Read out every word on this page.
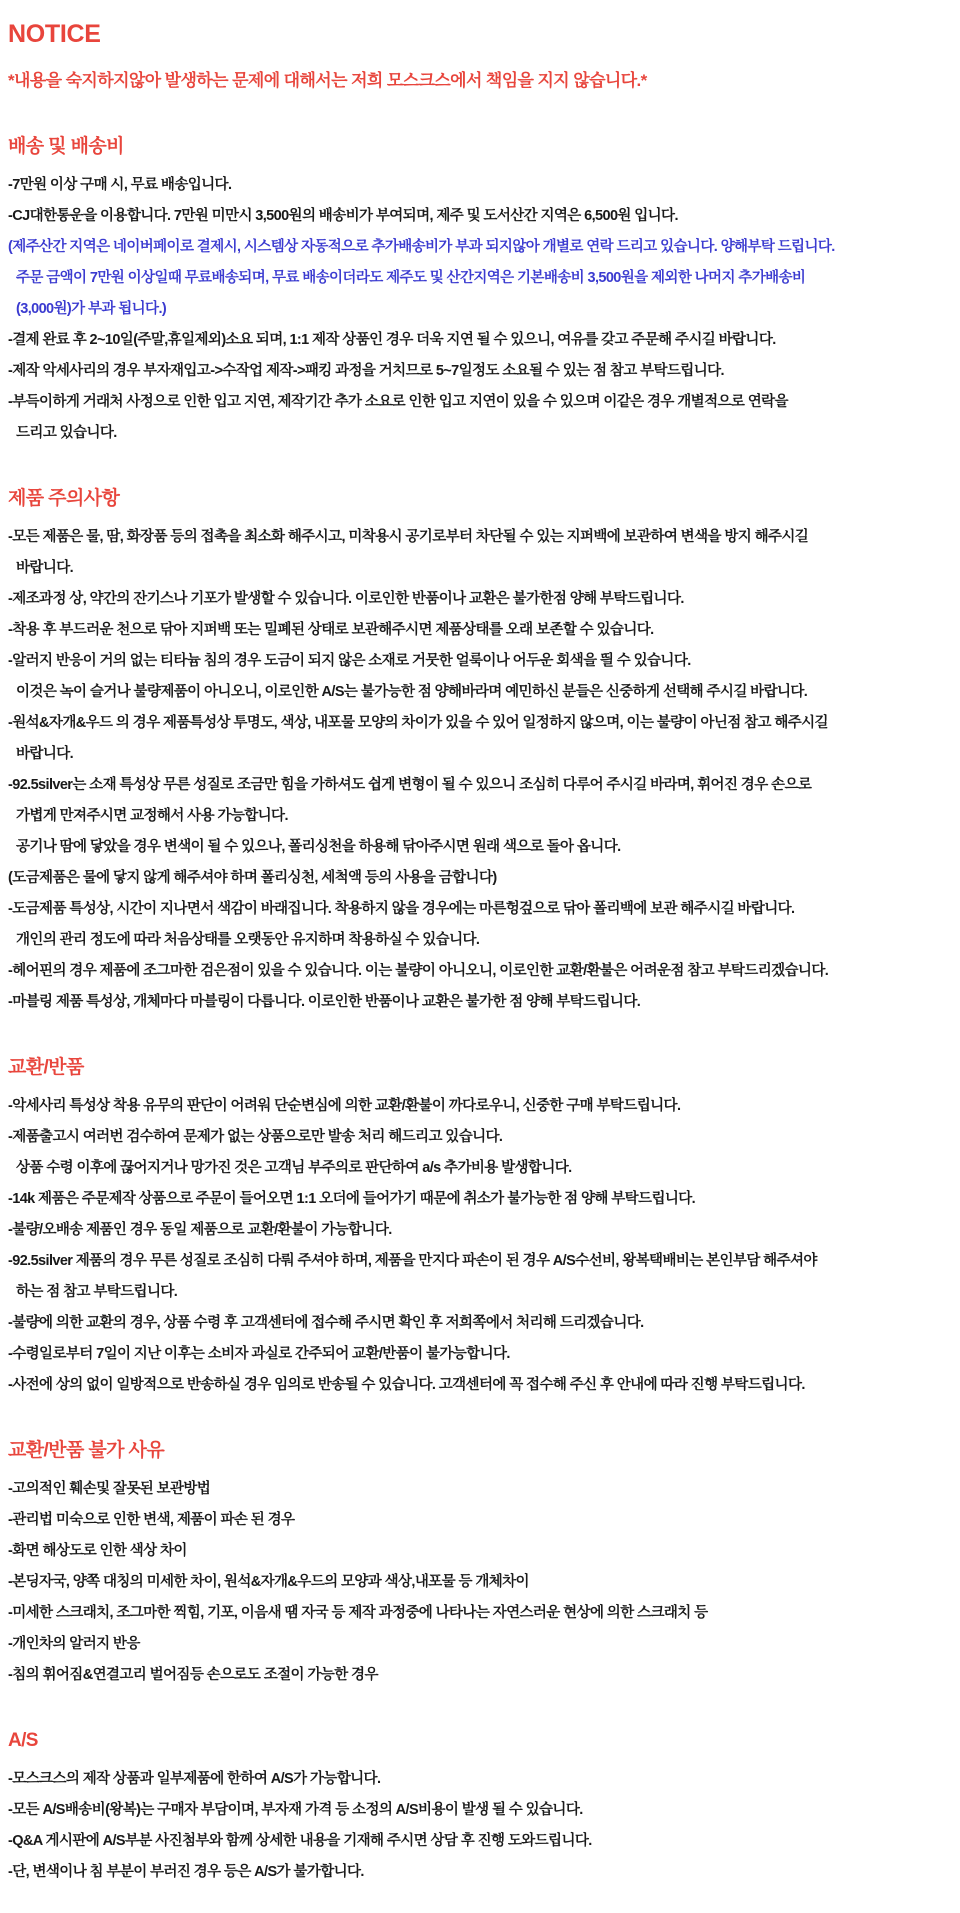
NOTICE

*내용을 숙지하지않아 발생하는 문제에 대해서는 저희 모스크스에서 책임을 지지 않습니다.*

배송 및 배송비

-7만원 이상 구매 시, 무료 배송입니다.

-CJ대한통운을 이용합니다. 7만원 미만시 3,500원의 배송비가 부여되며, 제주 및 도서산간 지역은 6,500원 입니다.

(제주산간 지역은 네이버페이로 결제시, 시스템상 자동적으로 추가배송비가 부과 되지않아 개별로 연락 드리고 있습니다. 양해부탁 드립니다.

주문 금액이 7만원 이상일때 무료배송되며, 무료 배송이더라도 제주도 및 산간지역은 기본배송비 3,500원을 제외한 나머지 추가배송비

(3,000원)가 부과 됩니다.)

-결제 완료 후 2~10일(주말,휴일제외)소요 되며, 1:1 제작 상품인 경우 더욱 지연 될 수 있으니, 여유를 갖고 주문해 주시길 바랍니다.

-제작 악세사리의 경우 부자재입고->수작업 제작->패킹 과정을 거치므로 5~7일정도 소요될 수 있는 점 참고 부탁드립니다.

-부득이하게 거래처 사정으로 인한 입고 지연, 제작기간 추가 소요로 인한 입고 지연이 있을 수 있으며 이같은 경우 개별적으로 연락을

드리고 있습니다.

제품 주의사항

-모든 제품은 물, 땀, 화장품 등의 접촉을 최소화 해주시고, 미착용시 공기로부터 차단될 수 있는 지퍼백에 보관하여 변색을 방지 해주시길

바랍니다.

-제조과정 상, 약간의 잔기스나 기포가 발생할 수 있습니다. 이로인한 반품이나 교환은 불가한점 양해 부탁드립니다.

-착용 후 부드러운 천으로 닦아 지퍼백 또는 밀폐된 상태로 보관해주시면 제품상태를 오래 보존할 수 있습니다.

-알러지 반응이 거의 없는 티타늄 침의 경우 도금이 되지 않은 소재로 거뭇한 얼룩이나 어두운 회색을 띌 수 있습니다.

이것은 녹이 슬거나 불량제품이 아니오니, 이로인한 A/S는 불가능한 점 양해바라며 예민하신 분들은 신중하게 선택해 주시길 바랍니다.

-원석&자개&우드 의 경우 제품특성상 투명도, 색상, 내포물 모양의 차이가 있을 수 있어 일정하지 않으며, 이는 불량이 아닌점 참고 해주시길

바랍니다.

-92.5silver는 소재 특성상 무른 성질로 조금만 힘을 가하셔도 쉽게 변형이 될 수 있으니 조심히 다루어 주시길 바라며, 휘어진 경우 손으로

가볍게 만져주시면 교정해서 사용 가능합니다.

공기나 땀에 닿았을 경우 변색이 될 수 있으나, 폴리싱천을 하용해 닦아주시면 원래 색으로 돌아 옵니다.

(도금제품은 물에 닿지 않게 해주셔야 하며 폴리싱천, 세척액 등의 사용을 금합니다)

-도금제품 특성상, 시간이 지나면서 색감이 바래집니다. 착용하지 않을 경우에는 마른헝겊으로 닦아 폴리백에 보관 해주시길 바랍니다.

개인의 관리 정도에 따라 처음상태를 오랫동안 유지하며 착용하실 수 있습니다.

-헤어핀의 경우 제품에 조그마한 검은점이 있을 수 있습니다. 이는 불량이 아니오니, 이로인한 교환/환불은 어려운점 참고 부탁드리겠습니다.

-마블링 제품 특성상, 개체마다 마블링이 다릅니다. 이로인한 반품이나 교환은 불가한 점 양해 부탁드립니다.

교환/반품

-악세사리 특성상 착용 유무의 판단이 어려워 단순변심에 의한 교환/환불이 까다로우니, 신중한 구매 부탁드립니다.

-제품출고시 여러번 검수하여 문제가 없는 상품으로만 발송 처리 해드리고 있습니다.

상품 수령 이후에 끊어지거나 망가진 것은 고객님 부주의로 판단하여 a/s 추가비용 발생합니다.

-14k 제품은 주문제작 상품으로 주문이 들어오면 1:1 오더에 들어가기 때문에 취소가 불가능한 점 양해 부탁드립니다.

-불량/오배송 제품인 경우 동일 제품으로 교환/환불이 가능합니다.

-92.5silver 제품의 경우 무른 성질로 조심히 다뤄 주셔야 하며, 제품을 만지다 파손이 된 경우 A/S수선비, 왕복택배비는 본인부담 해주셔야

하는 점 참고 부탁드립니다.

-불량에 의한 교환의 경우, 상품 수령 후 고객센터에 접수해 주시면 확인 후 저희쪽에서 처리해 드리겠습니다.

-수령일로부터 7일이 지난 이후는 소비자 과실로 간주되어 교환/반품이 불가능합니다.

-사전에 상의 없이 일방적으로 반송하실 경우 임의로 반송될 수 있습니다. 고객센터에 꼭 접수해 주신 후 안내에 따라 진행 부탁드립니다.

교환/반품 불가 사유

-고의적인 훼손및 잘못된 보관방법

-관리법 미숙으로 인한 변색, 제품이 파손 된 경우

-화면 해상도로 인한 색상 차이

-본딩자국, 양쪽 대칭의 미세한 차이, 원석&자개&우드의 모양과 색상,내포물 등 개체차이

-미세한 스크래치, 조그마한 찍힘, 기포, 이음새 땜 자국 등 제작 과정중에 나타나는 자연스러운 현상에 의한 스크래치 등

-개인차의 알러지 반응

-침의 휘어짐&연결고리 벌어짐등 손으로도 조절이 가능한 경우

A/S

-모스크스의 제작 상품과 일부제품에 한하여 A/S가 가능합니다.

-모든 A/S배송비(왕복)는 구매자 부담이며, 부자재 가격 등 소정의 A/S비용이 발생 될 수 있습니다.

-Q&A 게시판에 A/S부분 사진첨부와 함께 상세한 내용을 기재해 주시면 상담 후 진행 도와드립니다.

-단, 변색이나 침 부분이 부러진 경우 등은 A/S가 불가합니다.
